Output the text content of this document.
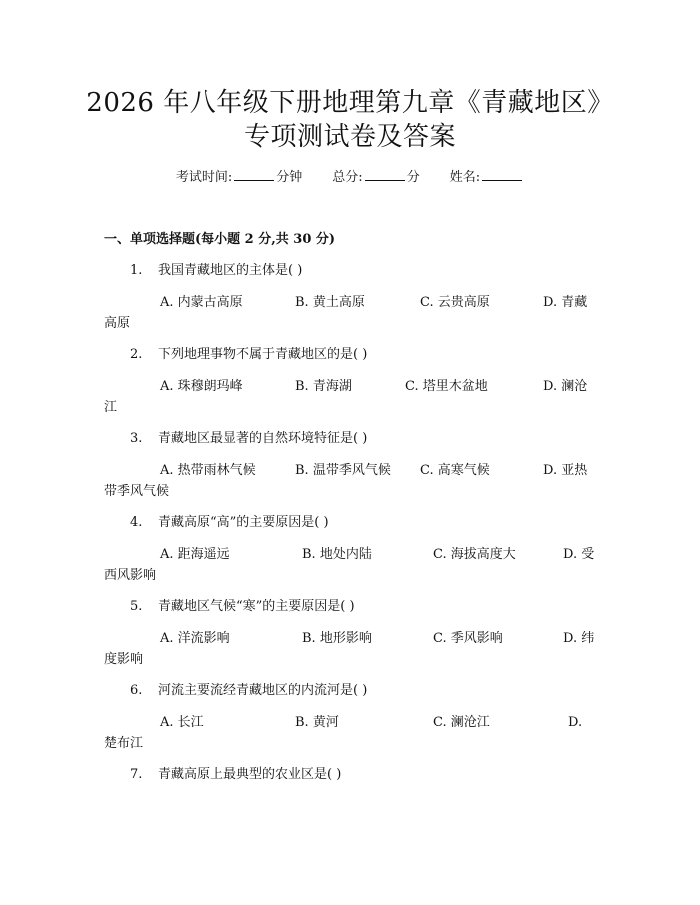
2026 年八年级下册地理第九章《青藏地区》
专项测试卷及答案
考试时间:	分钟 总分:	分 姓名:
一、单项选择题(每小题 2 分,共 30 分)
1. 我国青藏地区的主体是( )
A. 内蒙古高原	B. 黄土高原	C. 云贵高原	D. 青藏
高原
2. 下列地理事物不属于青藏地区的是( )
A. 珠穆朗玛峰	B. 青海湖	C. 塔里木盆地	D. 澜沧
江
3. 青藏地区最显著的自然环境特征是( )
A. 热带雨林气候	B. 温带季风气候 C. 高寒气候	D. 亚热
带季风气候
4. 青藏高原“高”的主要原因是( )
A. 距海遥远	B. 地处内陆	C. 海拔高度大	D. 受
西风影响
5. 青藏地区气候“寒”的主要原因是( )
A. 洋流影响	B. 地形影响	C. 季风影响	D. 纬
度影响
6. 河流主要流经青藏地区的内流河是( )
A. 长江	B. 黄河	C. 澜沧江	D.
楚布江
7. 青藏高原上最典型的农业区是( )
